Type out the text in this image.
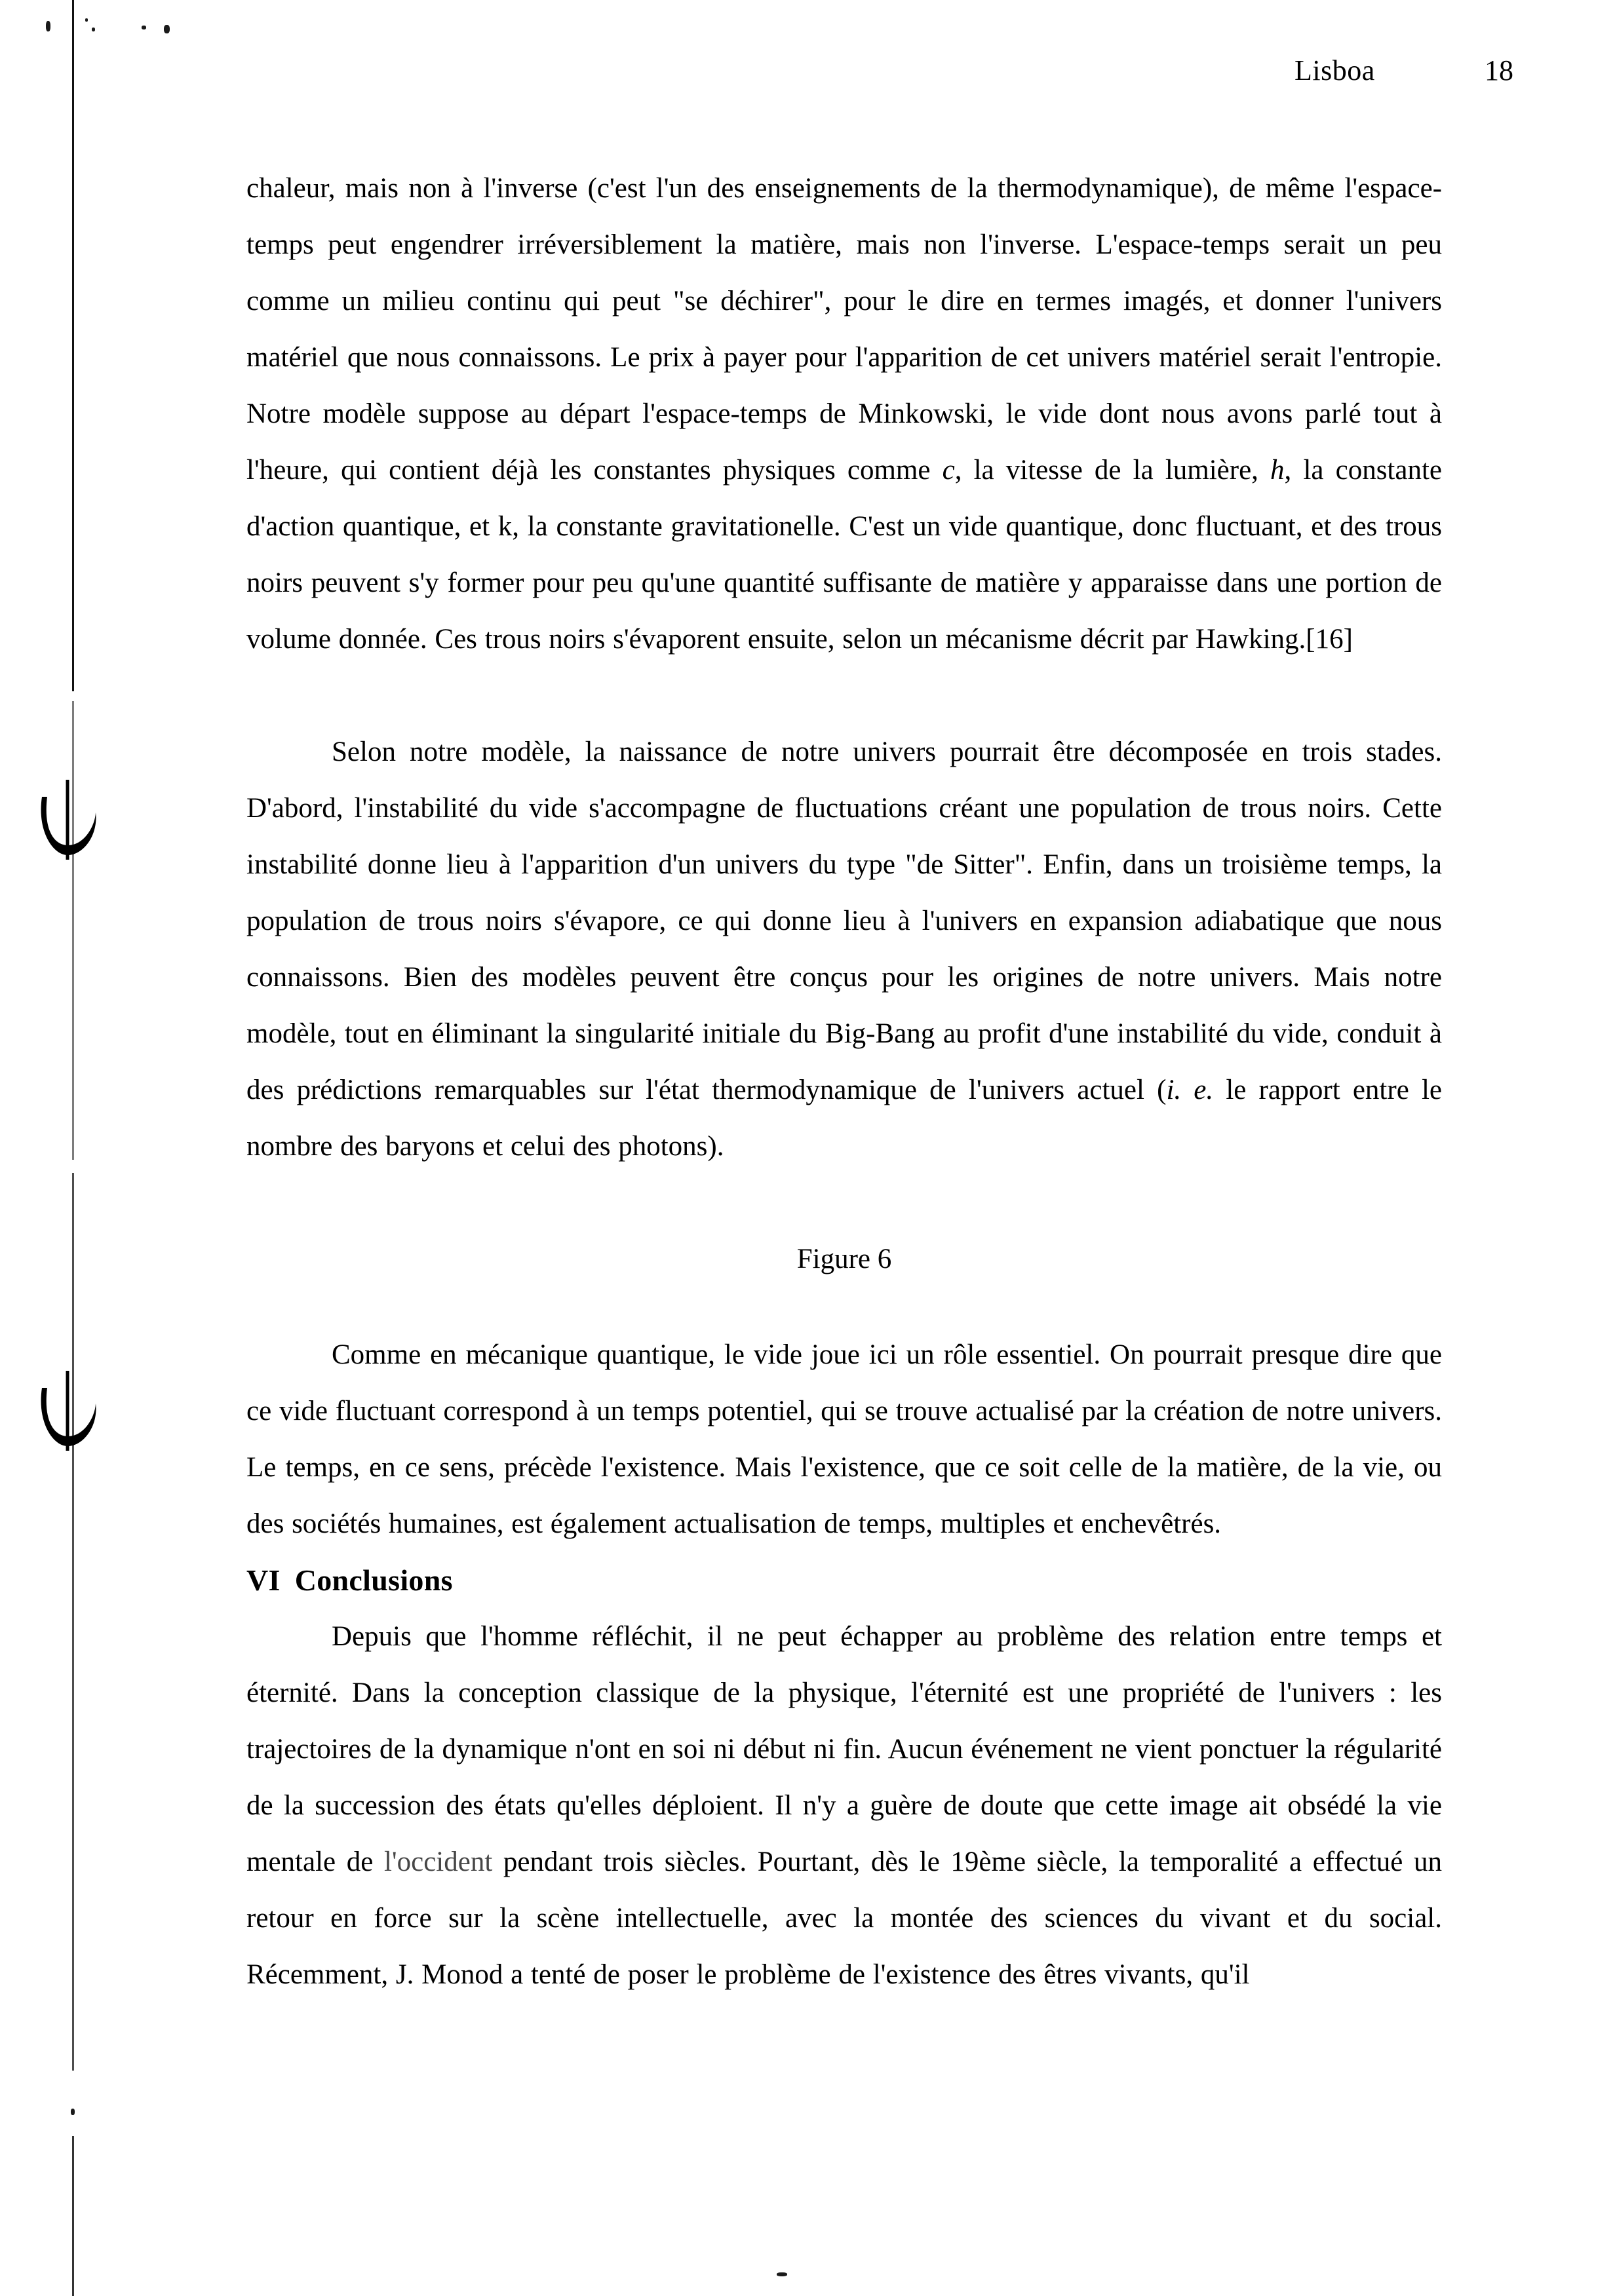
Lisboa	18

chaleur, mais non à l'inverse (c'est l'un des enseignements de la thermodynamique), de même l'espace-temps peut engendrer irréversiblement la matière, mais non l'inverse. L'espace-temps serait un peu comme un milieu continu qui peut "se déchirer", pour le dire en termes imagés, et donner l'univers matériel que nous connaissons. Le prix à payer pour l'apparition de cet univers matériel serait l'entropie. Notre modèle suppose au départ l'espace-temps de Minkowski, le vide dont nous avons parlé tout à l'heure, qui contient déjà les constantes physiques comme c, la vitesse de la lumière, h, la constante d'action quantique, et k, la constante gravitationelle. C'est un vide quantique, donc fluctuant, et des trous noirs peuvent s'y former pour peu qu'une quantité suffisante de matière y apparaisse dans une portion de volume donnée. Ces trous noirs s'évaporent ensuite, selon un mécanisme décrit par Hawking.[16]

Selon notre modèle, la naissance de notre univers pourrait être décomposée en trois stades. D'abord, l'instabilité du vide s'accompagne de fluctuations créant une population de trous noirs. Cette instabilité donne lieu à l'apparition d'un univers du type "de Sitter". Enfin, dans un troisième temps, la population de trous noirs s'évapore, ce qui donne lieu à l'univers en expansion adiabatique que nous connaissons. Bien des modèles peuvent être conçus pour les origines de notre univers. Mais notre modèle, tout en éliminant la singularité initiale du Big-Bang au profit d'une instabilité du vide, conduit à des prédictions remarquables sur l'état thermodynamique de l'univers actuel (i. e. le rapport entre le nombre des baryons et celui des photons).

Figure 6

Comme en mécanique quantique, le vide joue ici un rôle essentiel. On pourrait presque dire que ce vide fluctuant correspond à un temps potentiel, qui se trouve actualisé par la création de notre univers. Le temps, en ce sens, précède l'existence. Mais l'existence, que ce soit celle de la matière, de la vie, ou des sociétés humaines, est également actualisation de temps, multiples et enchevêtrés.

VI Conclusions

Depuis que l'homme réfléchit, il ne peut échapper au problème des relation entre temps et éternité. Dans la conception classique de la physique, l'éternité est une propriété de l'univers : les trajectoires de la dynamique n'ont en soi ni début ni fin. Aucun événement ne vient ponctuer la régularité de la succession des états qu'elles déploient. Il n'y a guère de doute que cette image ait obsédé la vie mentale de l'occident pendant trois siècles. Pourtant, dès le 19ème siècle, la temporalité a effectué un retour en force sur la scène intellectuelle, avec la montée des sciences du vivant et du social. Récemment, J. Monod a tenté de poser le problème de l'existence des êtres vivants, qu'il
